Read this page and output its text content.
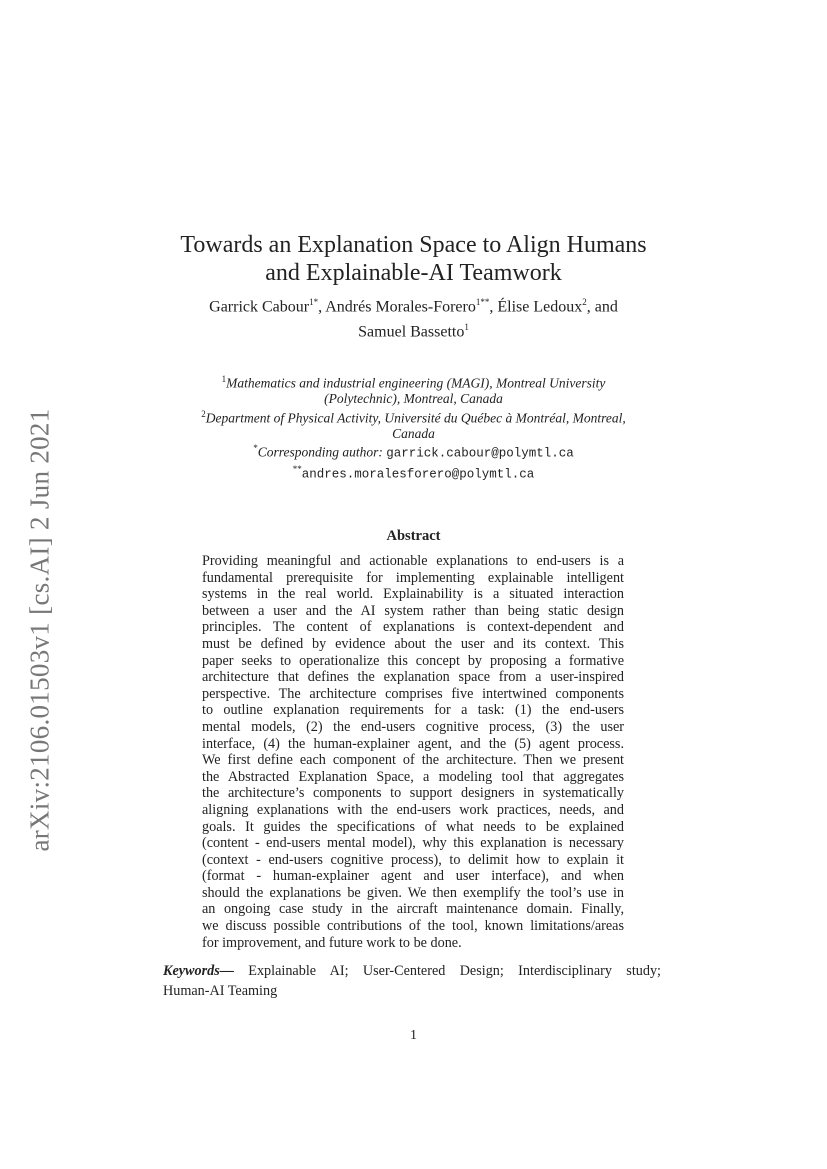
arXiv:2106.01503v1 [cs.AI] 2 Jun 2021
Towards an Explanation Space to Align Humans
and Explainable-AI Teamwork
Garrick Cabour$^{1*}$, Andrés Morales-Forero$^{1**}$, Élise Ledoux$^2$, and
Samuel Bassetto$^1$
$^1$Mathematics and industrial engineering (MAGI), Montreal University
(Polytechnic), Montreal, Canada
$^2$Department of Physical Activity, Université du Québec à Montréal, Montreal,
Canada
*Corresponding author: garrick.cabour@polymtl.ca
**andres.moralesforero@polymtl.ca
Abstract
Providing meaningful and actionable explanations to end-users is a
fundamental prerequisite for implementing explainable intelligent
systems in the real world. Explainability is a situated interaction
between a user and the AI system rather than being static design
principles. The content of explanations is context-dependent and
must be defined by evidence about the user and its context. This
paper seeks to operationalize this concept by proposing a formative
architecture that defines the explanation space from a user-inspired
perspective. The architecture comprises five intertwined components
to outline explanation requirements for a task: (1) the end-users
mental models, (2) the end-users cognitive process, (3) the user
interface, (4) the human-explainer agent, and the (5) agent process.
We first define each component of the architecture. Then we present
the Abstracted Explanation Space, a modeling tool that aggregates
the architecture’s components to support designers in systematically
aligning explanations with the end-users work practices, needs, and
goals. It guides the specifications of what needs to be explained
(content - end-users mental model), why this explanation is necessary
(context - end-users cognitive process), to delimit how to explain it
(format - human-explainer agent and user interface), and when
should the explanations be given. We then exemplify the tool’s use in
an ongoing case study in the aircraft maintenance domain. Finally,
we discuss possible contributions of the tool, known limitations/areas
for improvement, and future work to be done.
Keywords— Explainable AI; User-Centered Design; Interdisciplinary study;
Human-AI Teaming
1
